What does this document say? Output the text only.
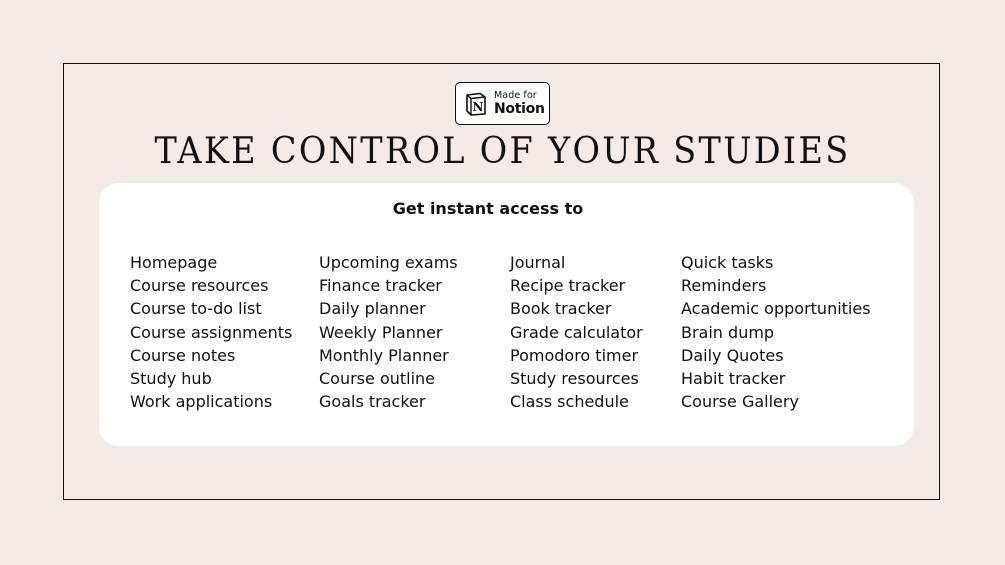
N
Made for
Notion
TAKE CONTROL OF YOUR STUDIES

Get instant access to

Homepage
Course resources
Course to-do list
Course assignments
Course notes
Study hub
Work applications
Upcoming exams
Finance tracker
Daily planner
Weekly Planner
Monthly Planner
Course outline
Goals tracker
Journal
Recipe tracker
Book tracker
Grade calculator
Pomodoro timer
Study resources
Class schedule
Quick tasks
Reminders
Academic opportunities
Brain dump
Daily Quotes
Habit tracker
Course Gallery
